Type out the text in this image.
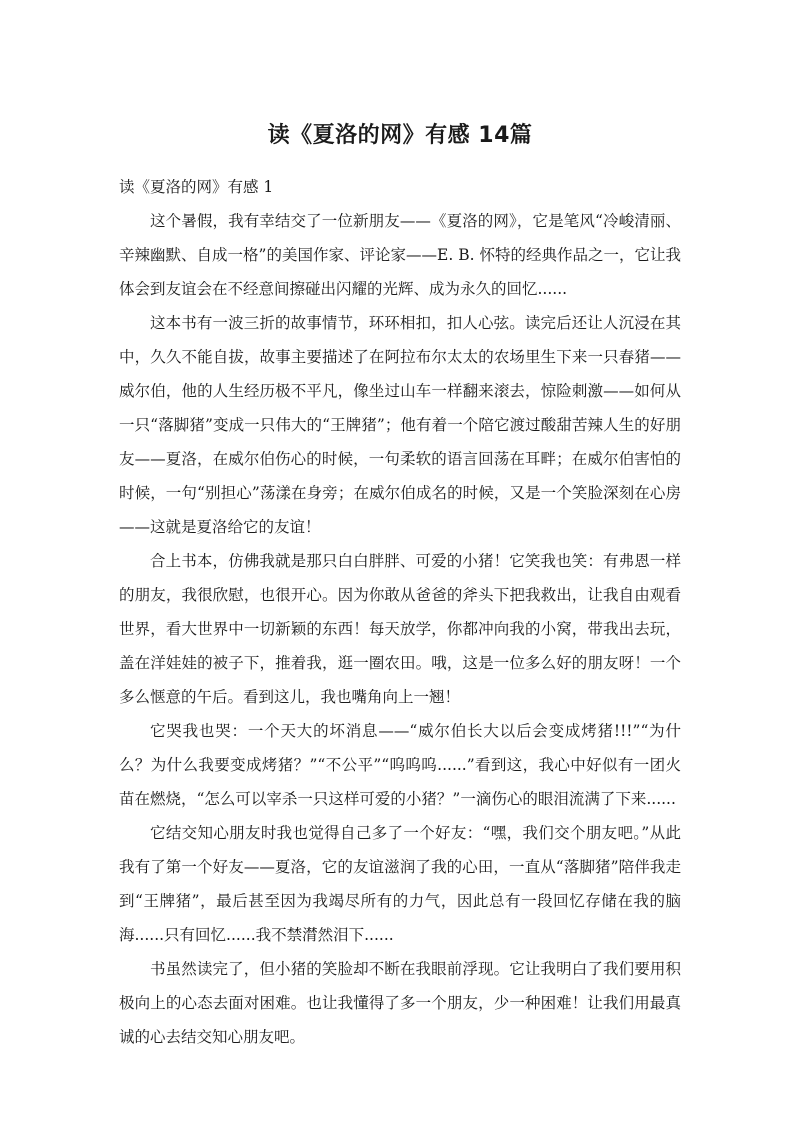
读《夏洛的网》有感 14篇

读《夏洛的网》有感 1

这个暑假，我有幸结交了一位新朋友——《夏洛的网》，它是笔风“冷峻清丽、辛辣幽默、自成一格”的美国作家、评论家——E. B. 怀特的经典作品之一，它让我体会到友谊会在不经意间擦碰出闪耀的光辉、成为永久的回忆......

这本书有一波三折的故事情节，环环相扣，扣人心弦。读完后还让人沉浸在其中，久久不能自拔，故事主要描述了在阿拉布尔太太的农场里生下来一只春猪——威尔伯，他的人生经历极不平凡，像坐过山车一样翻来滚去，惊险刺激——如何从一只“落脚猪”变成一只伟大的“王牌猪”；他有着一个陪它渡过酸甜苦辣人生的好朋友——夏洛，在威尔伯伤心的时候，一句柔软的语言回荡在耳畔；在威尔伯害怕的时候，一句“别担心”荡漾在身旁；在威尔伯成名的时候，又是一个笑脸深刻在心房——这就是夏洛给它的友谊！

合上书本，仿佛我就是那只白白胖胖、可爱的小猪！它笑我也笑：有弗恩一样的朋友，我很欣慰，也很开心。因为你敢从爸爸的斧头下把我救出，让我自由观看世界，看大世界中一切新颖的东西！每天放学，你都冲向我的小窝，带我出去玩，盖在洋娃娃的被子下，推着我，逛一圈农田。哦，这是一位多么好的朋友呀！一个多么惬意的午后。看到这儿，我也嘴角向上一翘！

它哭我也哭：一个天大的坏消息——“威尔伯长大以后会变成烤猪!!!”“为什么？为什么我要变成烤猪？”“不公平”“呜呜呜......”看到这，我心中好似有一团火苗在燃烧，“怎么可以宰杀一只这样可爱的小猪？”一滴伤心的眼泪流满了下来......

它结交知心朋友时我也觉得自己多了一个好友：“嘿，我们交个朋友吧。”从此我有了第一个好友——夏洛，它的友谊滋润了我的心田，一直从“落脚猪”陪伴我走到“王牌猪”，最后甚至因为我竭尽所有的力气，因此总有一段回忆存储在我的脑海......只有回忆......我不禁潸然泪下......

书虽然读完了，但小猪的笑脸却不断在我眼前浮现。它让我明白了我们要用积极向上的心态去面对困难。也让我懂得了多一个朋友，少一种困难！让我们用最真诚的心去结交知心朋友吧。
